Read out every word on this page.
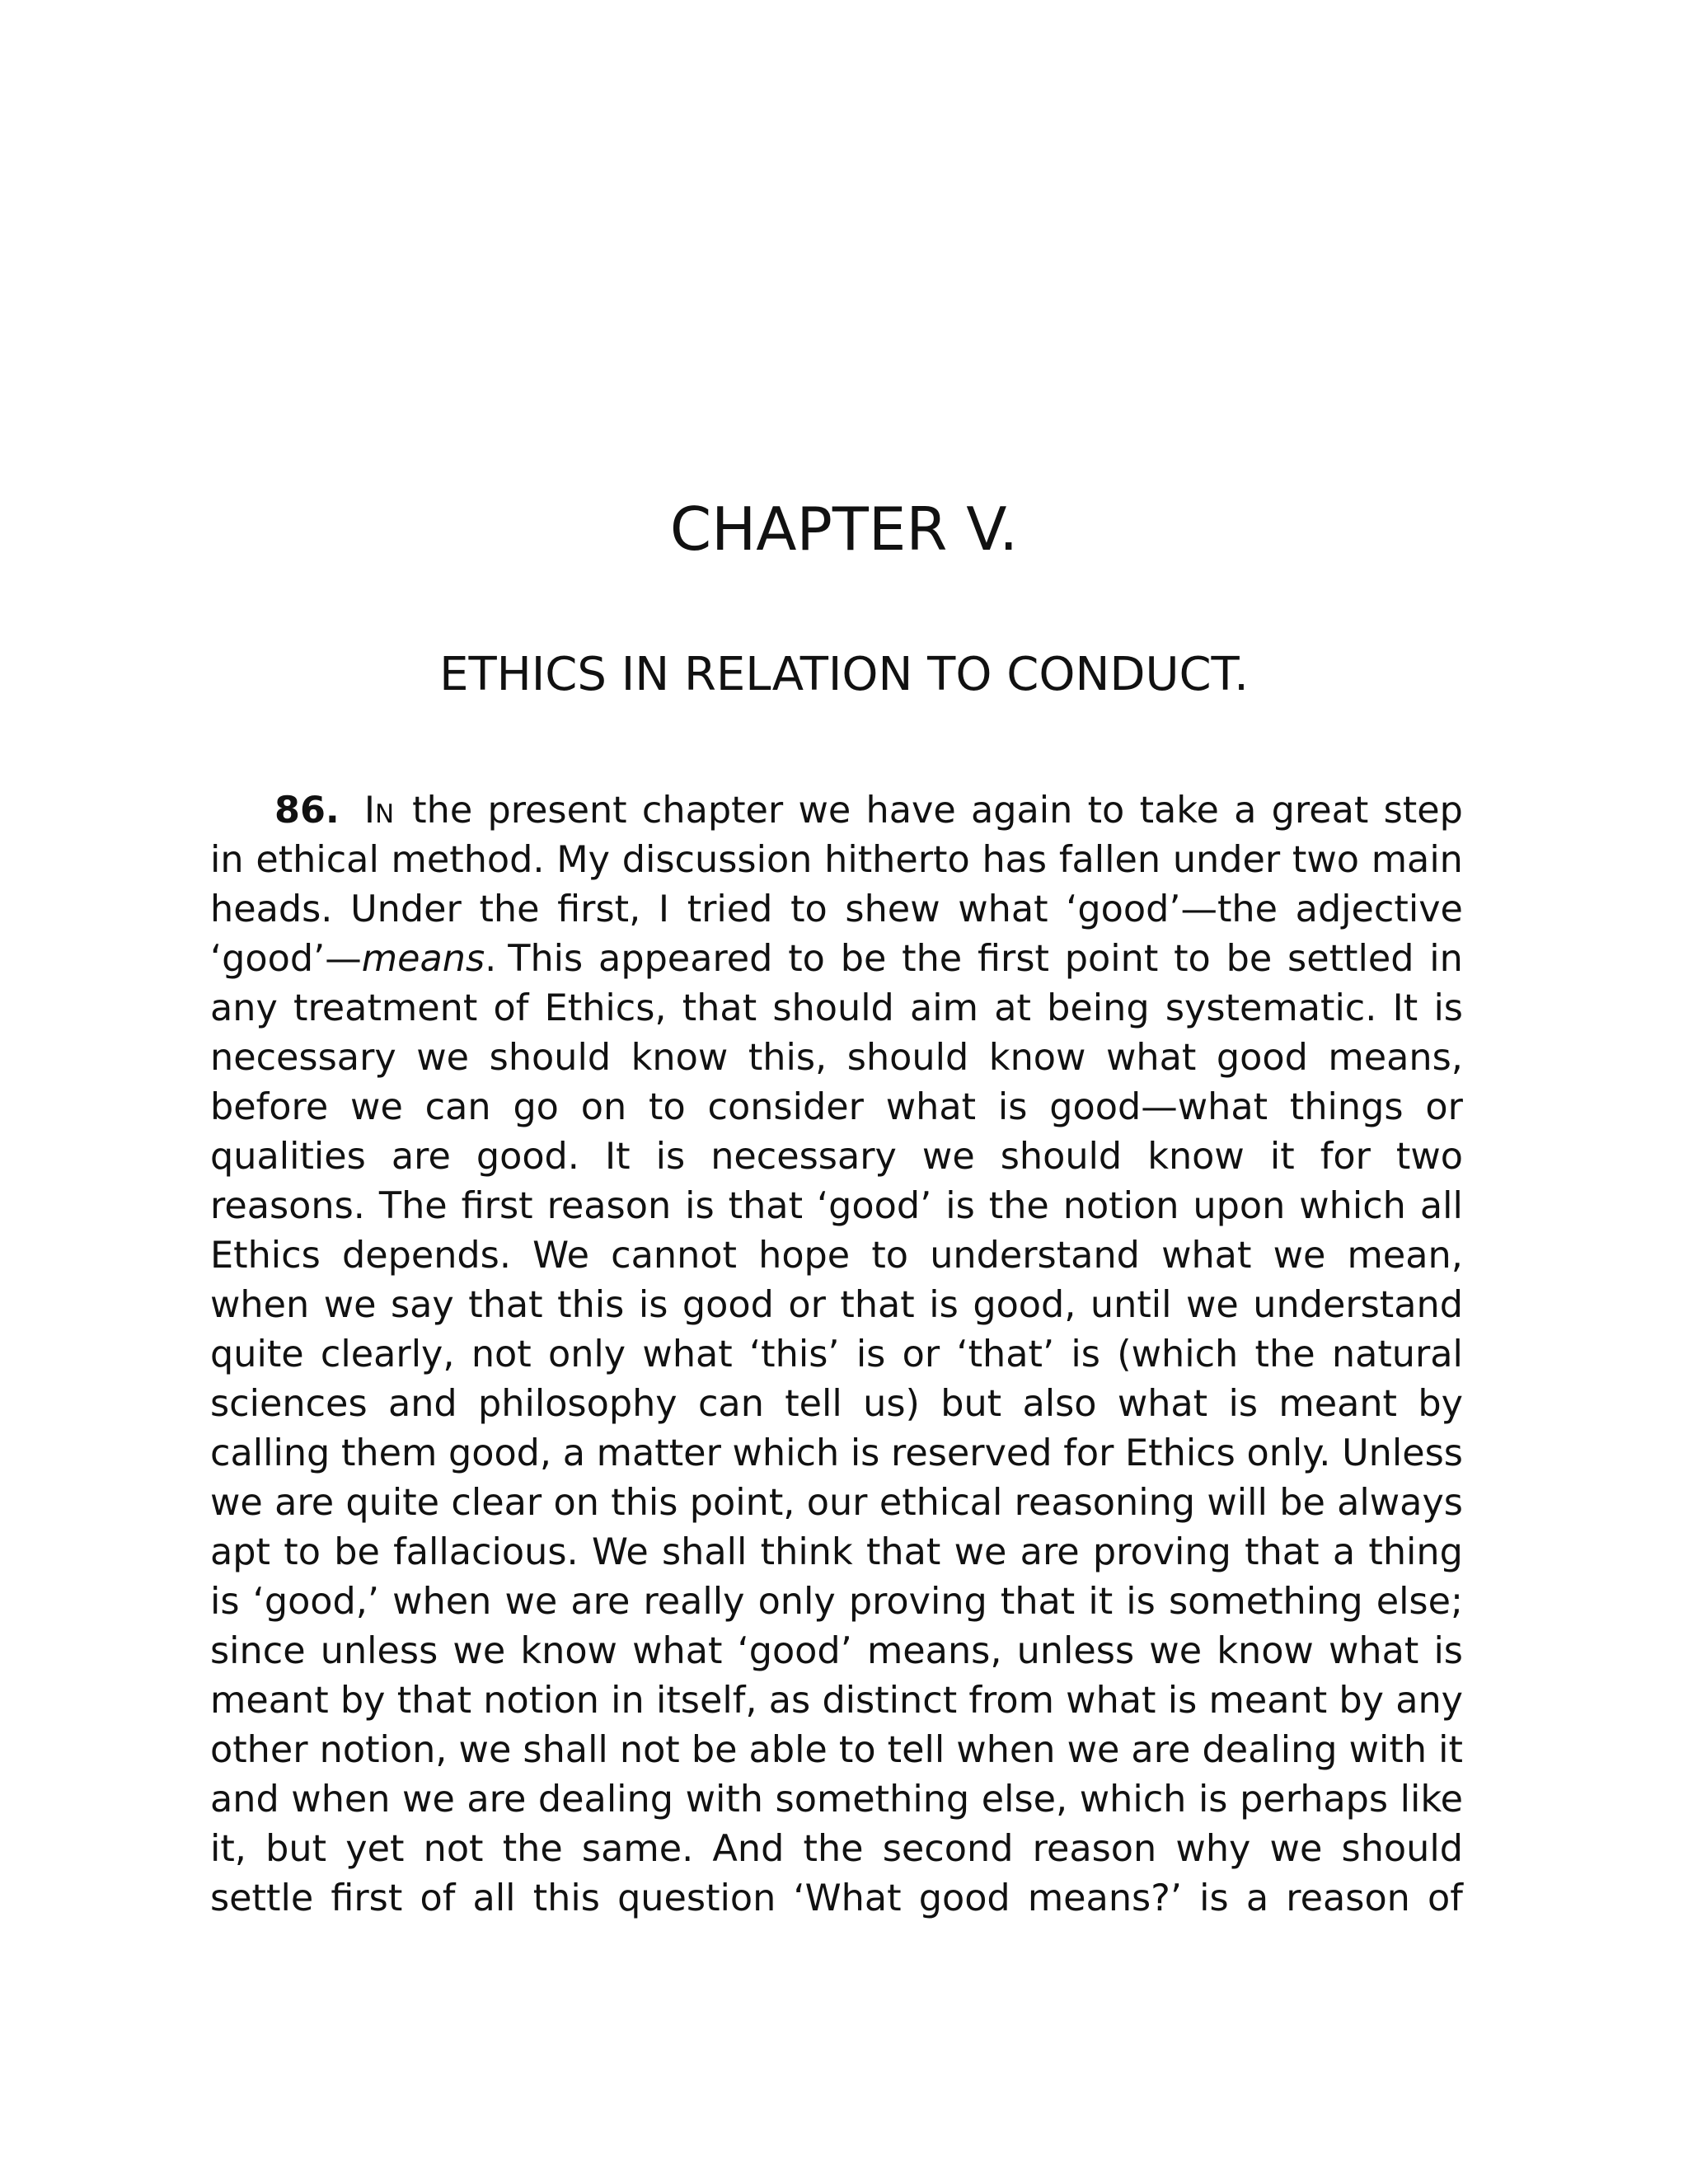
CHAPTER V.
ETHICS IN RELATION TO CONDUCT.
86. IN the present chapter we have again to take a great step
in ethical method. My discussion hitherto has fallen under two main
heads. Under the first, I tried to shew what ‘good’—the adjective
‘good’—means. This appeared to be the first point to be settled in
any treatment of Ethics, that should aim at being systematic. It is
necessary we should know this, should know what good means,
before we can go on to consider what is good—what things or
qualities are good. It is necessary we should know it for two
reasons. The first reason is that ‘good’ is the notion upon which all
Ethics depends. We cannot hope to understand what we mean,
when we say that this is good or that is good, until we understand
quite clearly, not only what ‘this’ is or ‘that’ is (which the natural
sciences and philosophy can tell us) but also what is meant by
calling them good, a matter which is reserved for Ethics only. Unless
we are quite clear on this point, our ethical reasoning will be always
apt to be fallacious. We shall think that we are proving that a thing
is ‘good,’ when we are really only proving that it is something else;
since unless we know what ‘good’ means, unless we know what is
meant by that notion in itself, as distinct from what is meant by any
other notion, we shall not be able to tell when we are dealing with it
and when we are dealing with something else, which is perhaps like
it, but yet not the same. And the second reason why we should
settle first of all this question ‘What good means?’ is a reason of
